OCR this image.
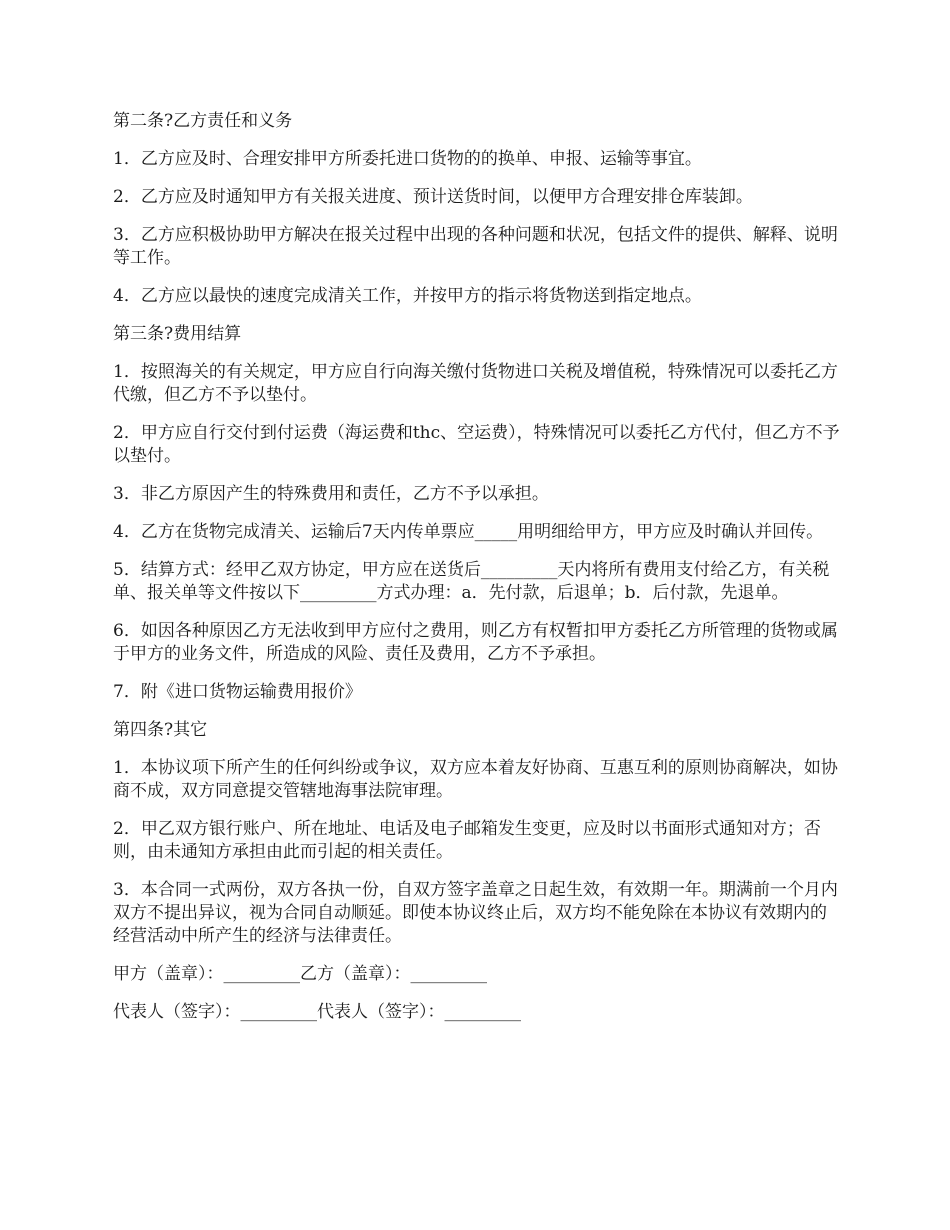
第二条?乙方责任和义务

1．乙方应及时、合理安排甲方所委托进口货物的的换单、申报、运输等事宜。

2．乙方应及时通知甲方有关报关进度、预计送货时间，以便甲方合理安排仓库装卸。

3．乙方应积极协助甲方解决在报关过程中出现的各种问题和状况，包括文件的提供、解释、说明等工作。

4．乙方应以最快的速度完成清关工作，并按甲方的指示将货物送到指定地点。

第三条?费用结算

1．按照海关的有关规定，甲方应自行向海关缴付货物进口关税及增值税，特殊情况可以委托乙方代缴，但乙方不予以垫付。

2．甲方应自行交付到付运费（海运费和thc、空运费），特殊情况可以委托乙方代付，但乙方不予以垫付。

3．非乙方原因产生的特殊费用和责任，乙方不予以承担。

4．乙方在货物完成清关、运输后7天内传单票应_____用明细给甲方，甲方应及时确认并回传。

5．结算方式：经甲乙双方协定，甲方应在送货后_________天内将所有费用支付给乙方，有关税单、报关单等文件按以下_________方式办理：a．先付款，后退单；b．后付款，先退单。

6．如因各种原因乙方无法收到甲方应付之费用，则乙方有权暂扣甲方委托乙方所管理的货物或属于甲方的业务文件，所造成的风险、责任及费用，乙方不予承担。

7．附《进口货物运输费用报价》

第四条?其它

1．本协议项下所产生的任何纠纷或争议，双方应本着友好协商、互惠互利的原则协商解决，如协商不成，双方同意提交管辖地海事法院审理。

2．甲乙双方银行账户、所在地址、电话及电子邮箱发生变更，应及时以书面形式通知对方；否则，由未通知方承担由此而引起的相关责任。

3．本合同一式两份，双方各执一份，自双方签字盖章之日起生效，有效期一年。期满前一个月内双方不提出异议，视为合同自动顺延。即使本协议终止后，双方均不能免除在本协议有效期内的经营活动中所产生的经济与法律责任。

甲方（盖章）：_________乙方（盖章）：_________

代表人（签字）：_________代表人（签字）：_________
